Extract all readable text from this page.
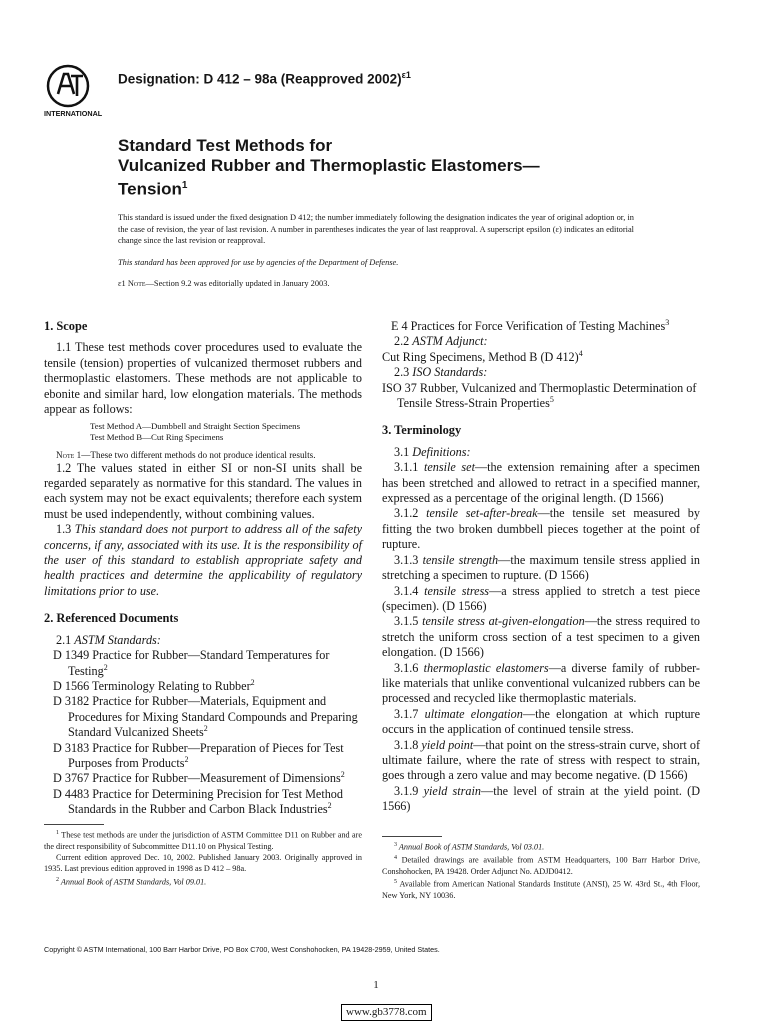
INTERNATIONAL
Designation: D 412 – 98a (Reapproved 2002)$^{\varepsilon 1}$
Standard Test Methods for
Vulcanized Rubber and Thermoplastic Elastomers—
Tension$^1$
This standard is issued under the fixed designation D 412; the number immediately following the designation indicates the year of original adoption or, in the case of revision, the year of last revision. A number in parentheses indicates the year of last reapproval. A superscript epsilon (ε) indicates an editorial change since the last revision or reapproval.
This standard has been approved for use by agencies of the Department of Defense.
ε1 Note—Section 9.2 was editorially updated in January 2003.

1. Scope

1.1 These test methods cover procedures used to evaluate the tensile (tension) properties of vulcanized thermoset rubbers and thermoplastic elastomers. These methods are not applicable to ebonite and similar hard, low elongation materials. The methods appear as follows:

Test Method A—Dumbbell and Straight Section Specimens
Test Method B—Cut Ring Specimens

Note 1—These two different methods do not produce identical results.

1.2 The values stated in either SI or non-SI units shall be regarded separately as normative for this standard. The values in each system may not be exact equivalents; therefore each system must be used independently, without combining values.

1.3 This standard does not purport to address all of the safety concerns, if any, associated with its use. It is the responsibility of the user of this standard to establish appropriate safety and health practices and determine the applicability of regulatory limitations prior to use.

2. Referenced Documents

2.1 ASTM Standards:

D 1349 Practice for Rubber—Standard Temperatures for Testing$^2$

D 1566 Terminology Relating to Rubber$^2$

D 3182 Practice for Rubber—Materials, Equipment and Procedures for Mixing Standard Compounds and Preparing Standard Vulcanized Sheets$^2$

D 3183 Practice for Rubber—Preparation of Pieces for Test Purposes from Products$^2$

D 3767 Practice for Rubber—Measurement of Dimensions$^2$

D 4483 Practice for Determining Precision for Test Method Standards in the Rubber and Carbon Black Industries$^2$

E 4 Practices for Force Verification of Testing Machines$^3$

2.2 ASTM Adjunct:

Cut Ring Specimens, Method B (D 412)$^4$

2.3 ISO Standards:

ISO 37 Rubber, Vulcanized and Thermoplastic Determination of Tensile Stress-Strain Properties$^5$

3. Terminology

3.1 Definitions:

3.1.1 tensile set—the extension remaining after a specimen has been stretched and allowed to retract in a specified manner, expressed as a percentage of the original length. (D 1566)

3.1.2 tensile set-after-break—the tensile set measured by fitting the two broken dumbbell pieces together at the point of rupture.

3.1.3 tensile strength—the maximum tensile stress applied in stretching a specimen to rupture. (D 1566)

3.1.4 tensile stress—a stress applied to stretch a test piece (specimen). (D 1566)

3.1.5 tensile stress at-given-elongation—the stress required to stretch the uniform cross section of a test specimen to a given elongation. (D 1566)

3.1.6 thermoplastic elastomers—a diverse family of rubber-like materials that unlike conventional vulcanized rubbers can be processed and recycled like thermoplastic materials.

3.1.7 ultimate elongation—the elongation at which rupture occurs in the application of continued tensile stress.

3.1.8 yield point—that point on the stress-strain curve, short of ultimate failure, where the rate of stress with respect to strain, goes through a zero value and may become negative. (D 1566)

3.1.9 yield strain—the level of strain at the yield point. (D 1566)

$^1$ These test methods are under the jurisdiction of ASTM Committee D11 on Rubber and are the direct responsibility of Subcommittee D11.10 on Physical Testing.

Current edition approved Dec. 10, 2002. Published January 2003. Originally approved in 1935. Last previous edition approved in 1998 as D 412 – 98a.

$^2$ Annual Book of ASTM Standards, Vol 09.01.

$^3$ Annual Book of ASTM Standards, Vol 03.01.

$^4$ Detailed drawings are available from ASTM Headquarters, 100 Barr Harbor Drive, Conshohocken, PA 19428. Order Adjunct No. ADJD0412.

$^5$ Available from American National Standards Institute (ANSI), 25 W. 43rd St., 4th Floor, New York, NY 10036.

Copyright © ASTM International, 100 Barr Harbor Drive, PO Box C700, West Conshohocken, PA 19428-2959, United States.
1
www.gb3778.com
